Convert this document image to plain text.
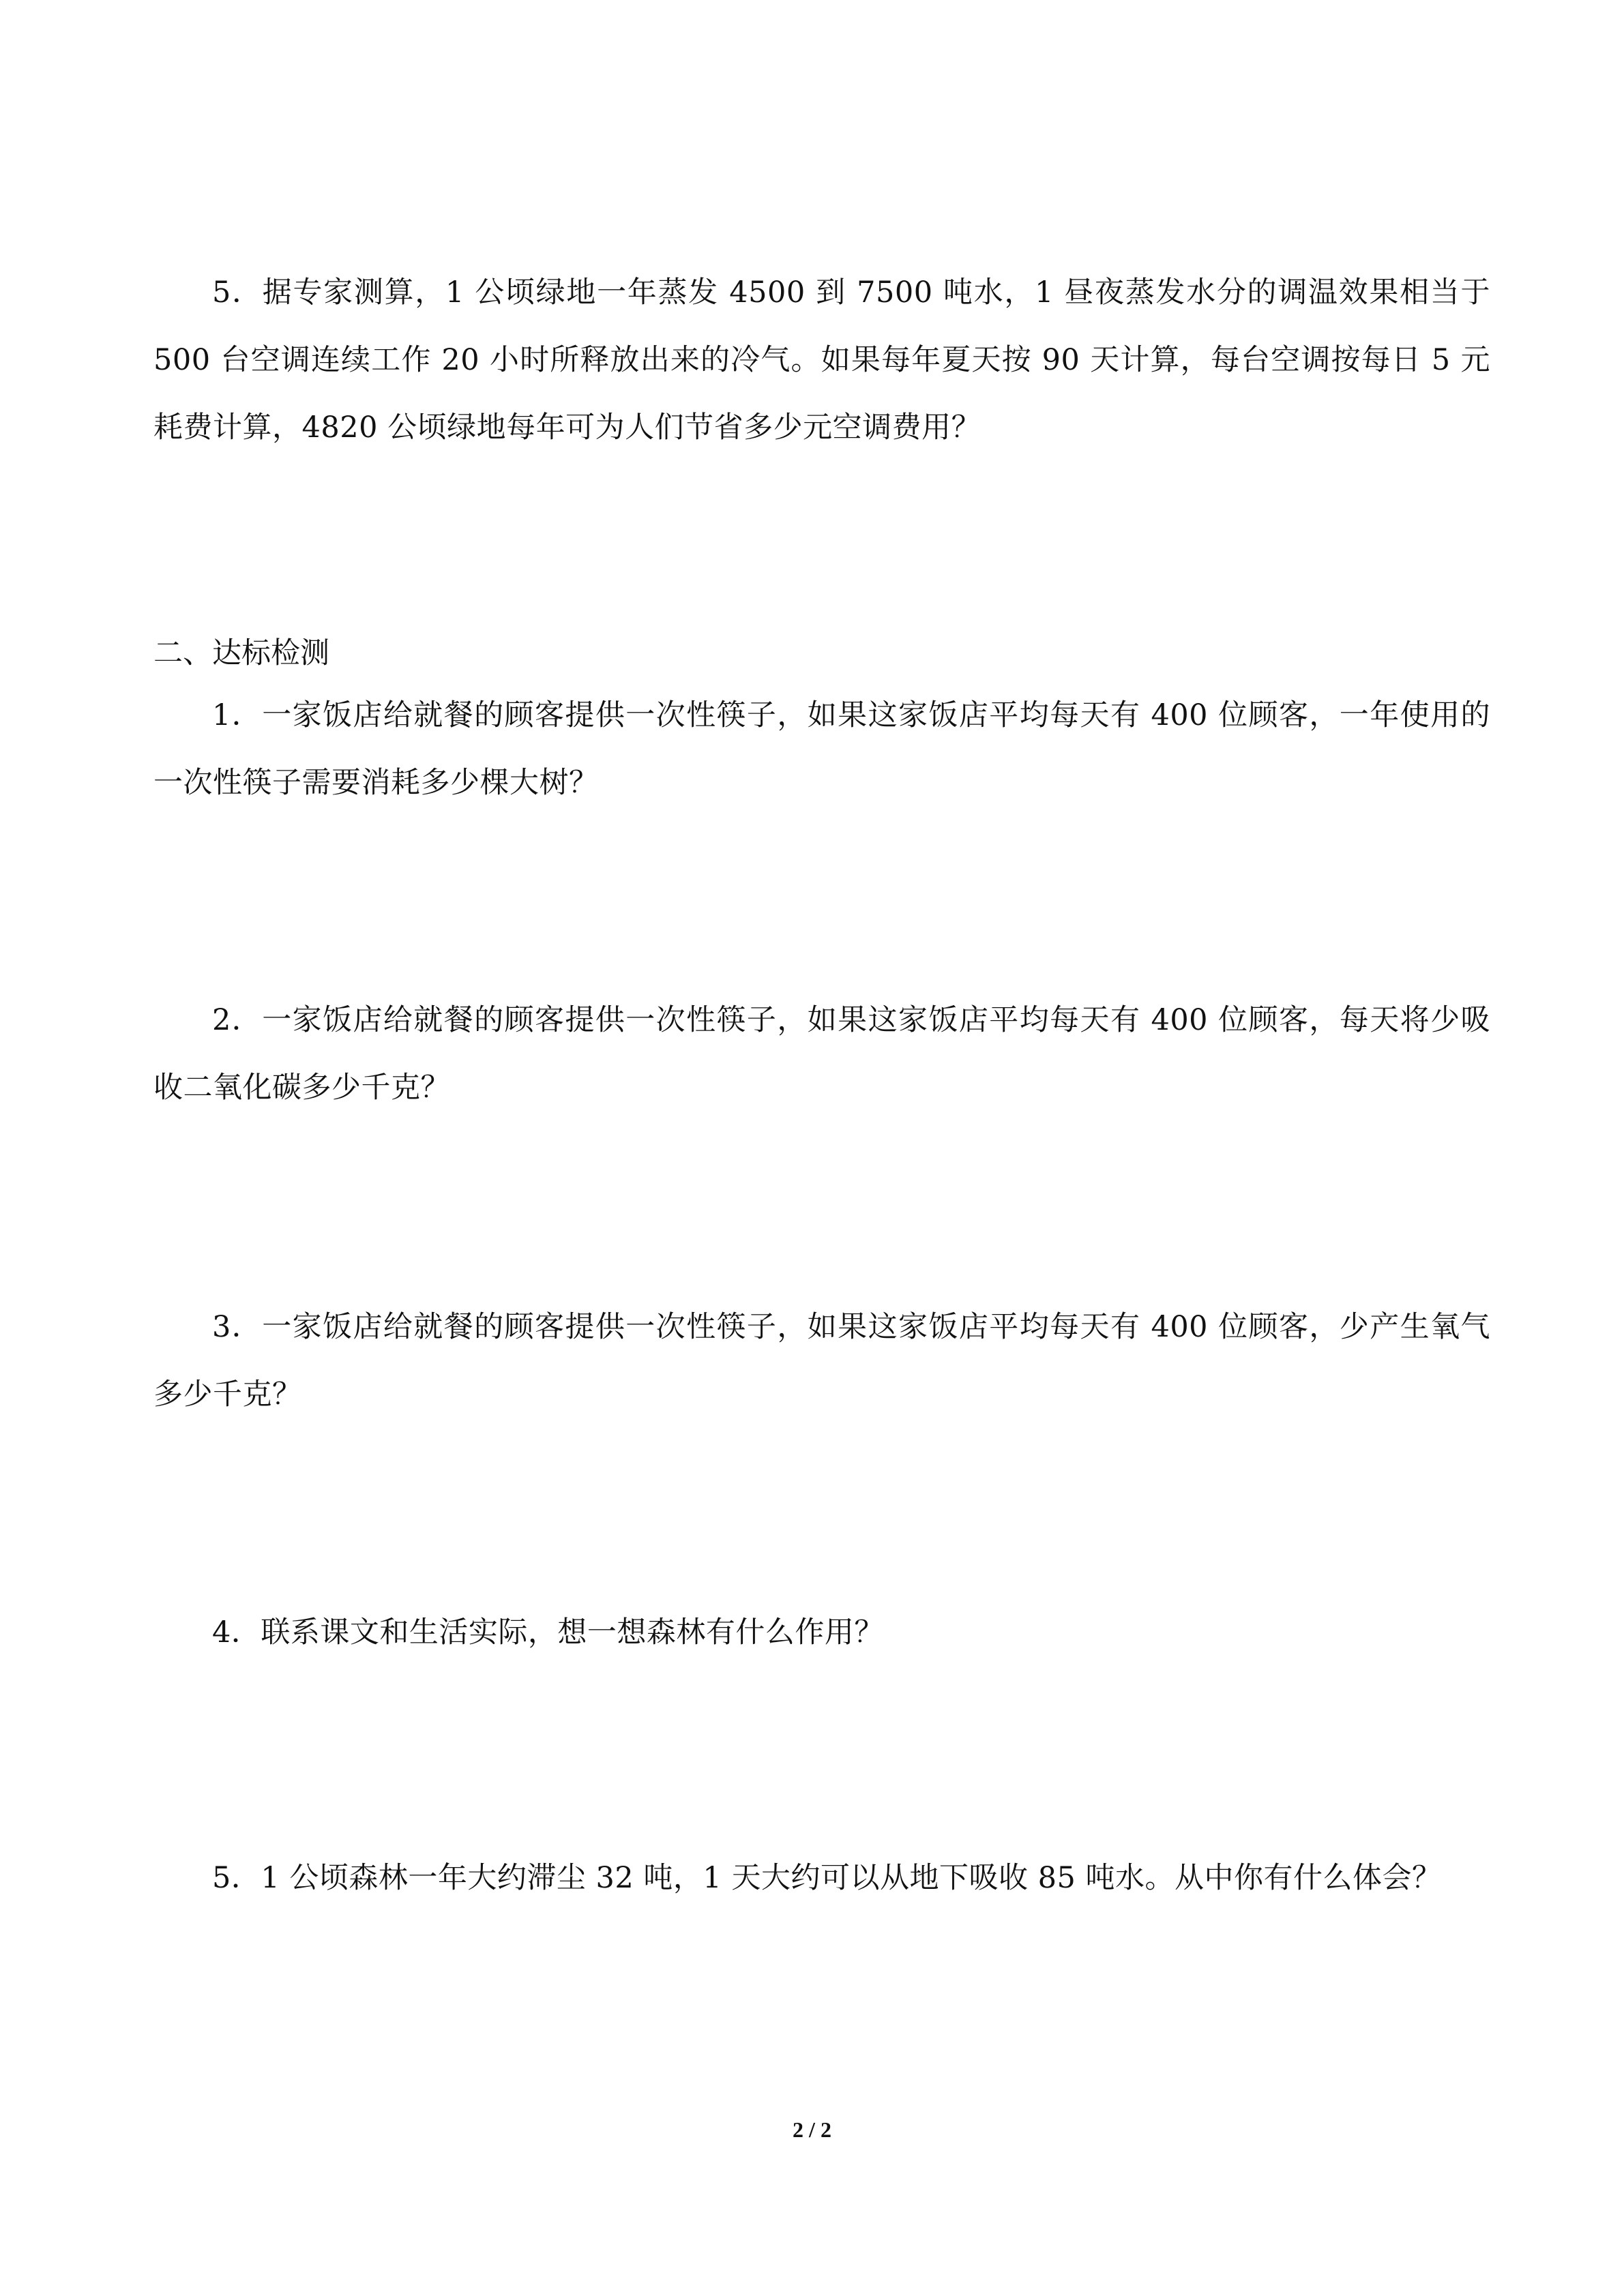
5．据专家测算，1 公顷绿地一年蒸发 4500 到 7500 吨水，1 昼夜蒸发水分的调温效果相当于 500 台空调连续工作 20 小时所释放出来的冷气。如果每年夏天按 90 天计算，每台空调按每日 5 元耗费计算，4820 公顷绿地每年可为人们节省多少元空调费用？

二、达标检测

1．一家饭店给就餐的顾客提供一次性筷子，如果这家饭店平均每天有 400 位顾客，一年使用的一次性筷子需要消耗多少棵大树？

2．一家饭店给就餐的顾客提供一次性筷子，如果这家饭店平均每天有 400 位顾客，每天将少吸收二氧化碳多少千克？

3．一家饭店给就餐的顾客提供一次性筷子，如果这家饭店平均每天有 400 位顾客，少产生氧气多少千克？

4．联系课文和生活实际，想一想森林有什么作用？

5．1 公顷森林一年大约滞尘 32 吨，1 天大约可以从地下吸收 85 吨水。从中你有什么体会？

2 / 2
